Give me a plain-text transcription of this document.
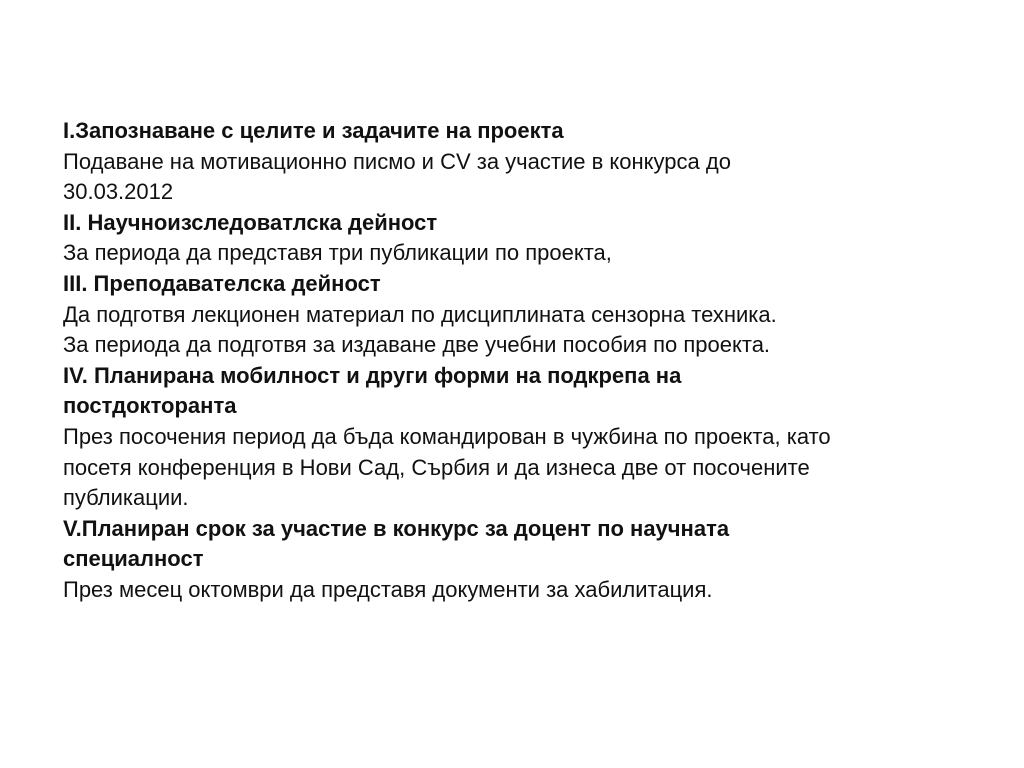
I.Запознаване с целите и задачите на проекта

Подаване на мотивационно писмо и CV за участие в конкурса до

30.03.2012

II. Научноизследоватлска дейност

За периода да представя три публикации по проекта,

III. Преподавателска дейност

Да подготвя лекционен материал по дисциплината сензорна техника.

За периода да подготвя за издаване две учебни пособия по проекта.

IV. Планирана мобилност и други форми на подкрепа на

постдокторанта

През посочения период да бъда командирован в чужбина по проекта, като

посетя конференция в Нови Сад, Сърбия и да изнеса две от посочените

публикации.

V.Планиран срок за участие в конкурс за доцент по научната

специалност

През месец октомври да представя документи за хабилитация.
